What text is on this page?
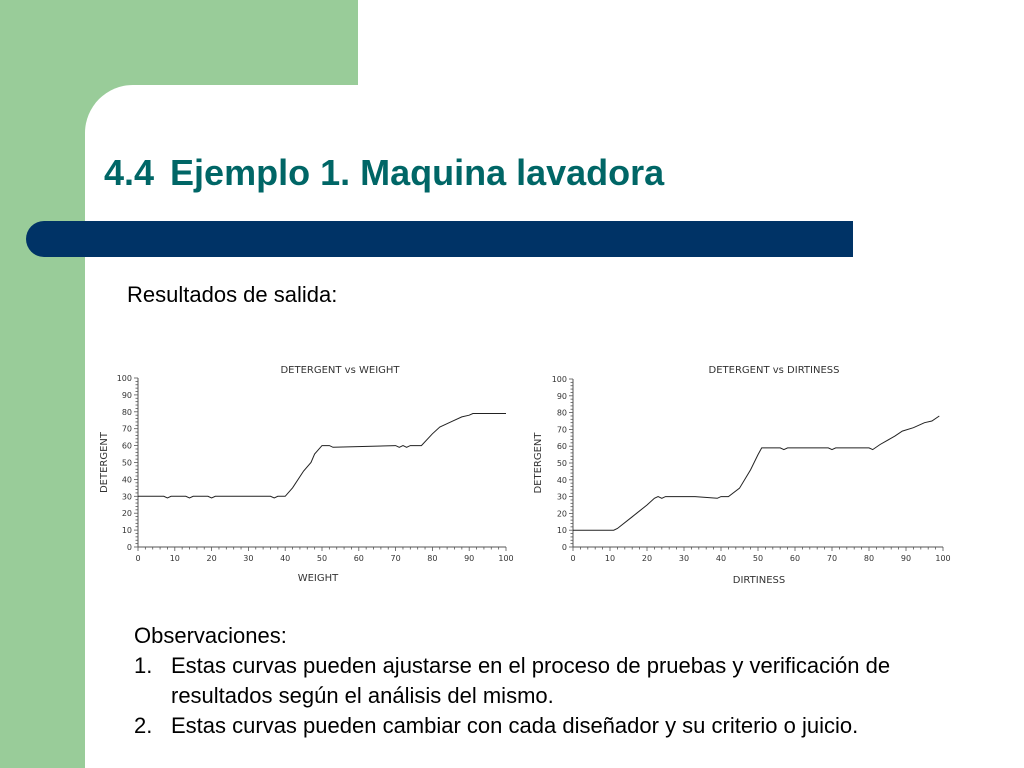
4.4 Ejemplo 1. Maquina lavadora
Resultados de salida:
DETERGENT vs WEIGHT
0	10	20	30	40	50	60	70	80	90	100
0
10
20
30
40
50
60
70
80
90
100
WEIGHT
DETERGENT
DETERGENT vs DIRTINESS
0	10	20	30	40	50	60	70	80	90	100
0
10
20
30
40
50
60
70
80
90
100
DIRTINESS
DETERGENT
Observaciones:
1. Estas curvas pueden ajustarse en el proceso de pruebas y verificación de resultados según el análisis del mismo.
2. Estas curvas pueden cambiar con cada diseñador y su criterio o juicio.
